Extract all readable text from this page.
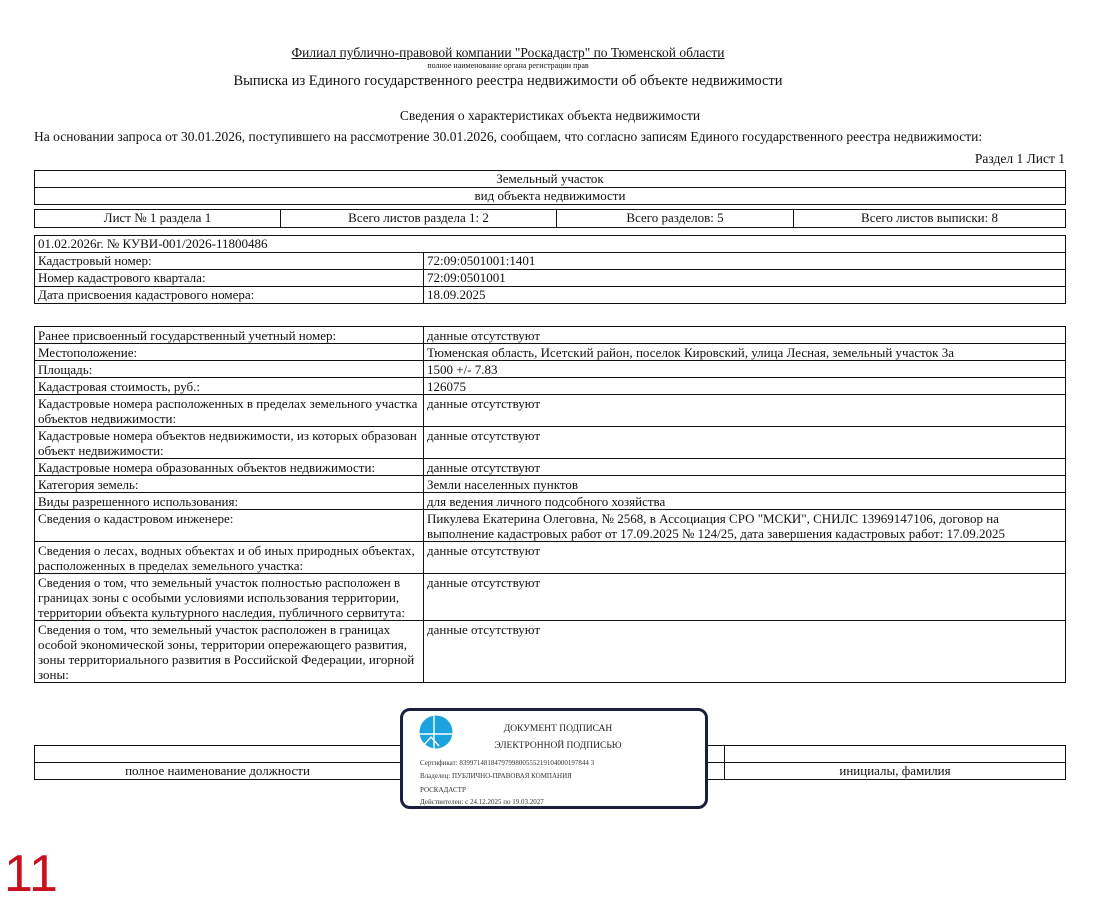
Филиал публично-правовой компании "Роскадастр" по Тюменской области
полное наименование органа регистрации прав
Выписка из Единого государственного реестра недвижимости об объекте недвижимости
Сведения о характеристиках объекта недвижимости
На основании запроса от 30.01.2026, поступившего на рассмотрение 30.01.2026, сообщаем, что согласно записям Единого государственного реестра недвижимости:
Раздел 1 Лист 1
Земельный участок
вид объекта недвижимости
Лист № 1 раздела 1	Всего листов раздела 1: 2	Всего разделов: 5	Всего листов выписки: 8
01.02.2026г. № КУВИ-001/2026-11800486	
Кадастровый номер:	72:09:0501001:1401
Номер кадастрового квартала:	72:09:0501001
Дата присвоения кадастрового номера:	18.09.2025
Ранее присвоенный государственный учетный номер:	данные отсутствуют
Местоположение:	Тюменская область, Исетский район, поселок Кировский, улица Лесная, земельный участок 3а
Площадь:	1500 +/- 7.83
Кадастровая стоимость, руб.:	126075
Кадастровые номера расположенных в пределах земельного участка объектов недвижимости:	данные отсутствуют
Кадастровые номера объектов недвижимости, из которых образован объект недвижимости:	данные отсутствуют
Кадастровые номера образованных объектов недвижимости:	данные отсутствуют
Категория земель:	Земли населенных пунктов
Виды разрешенного использования:	для ведения личного подсобного хозяйства
Сведения о кадастровом инженере:	Пикулева Екатерина Олеговна, № 2568, в Ассоциация СРО "МСКИ", СНИЛС 13969147106, договор на выполнение кадастровых работ от 17.09.2025 № 124/25, дата завершения кадастровых работ: 17.09.2025
Сведения о лесах, водных объектах и об иных природных объектах, расположенных в пределах земельного участка:	данные отсутствуют
Сведения о том, что земельный участок полностью расположен в границах зоны с особыми условиями использования территории, территории объекта культурного наследия, публичного сервитута:	данные отсутствуют
Сведения о том, что земельный участок расположен в границах особой экономической зоны, территории опережающего развития, зоны территориального развития в Российской Федерации, игорной зоны:	данные отсутствуют

полное наименование должности		инициалы, фамилия
ДОКУМЕНТ ПОДПИСАН
ЭЛЕКТРОННОЙ ПОДПИСЬЮ
Сертификат: 8399714818479799800555219104000197844 3
Владелец: ПУБЛИЧНО-ПРАВОВАЯ КОМПАНИЯ
РОСКАДАСТР
Действителен: с 24.12.2025 по 19.03.2027
11
